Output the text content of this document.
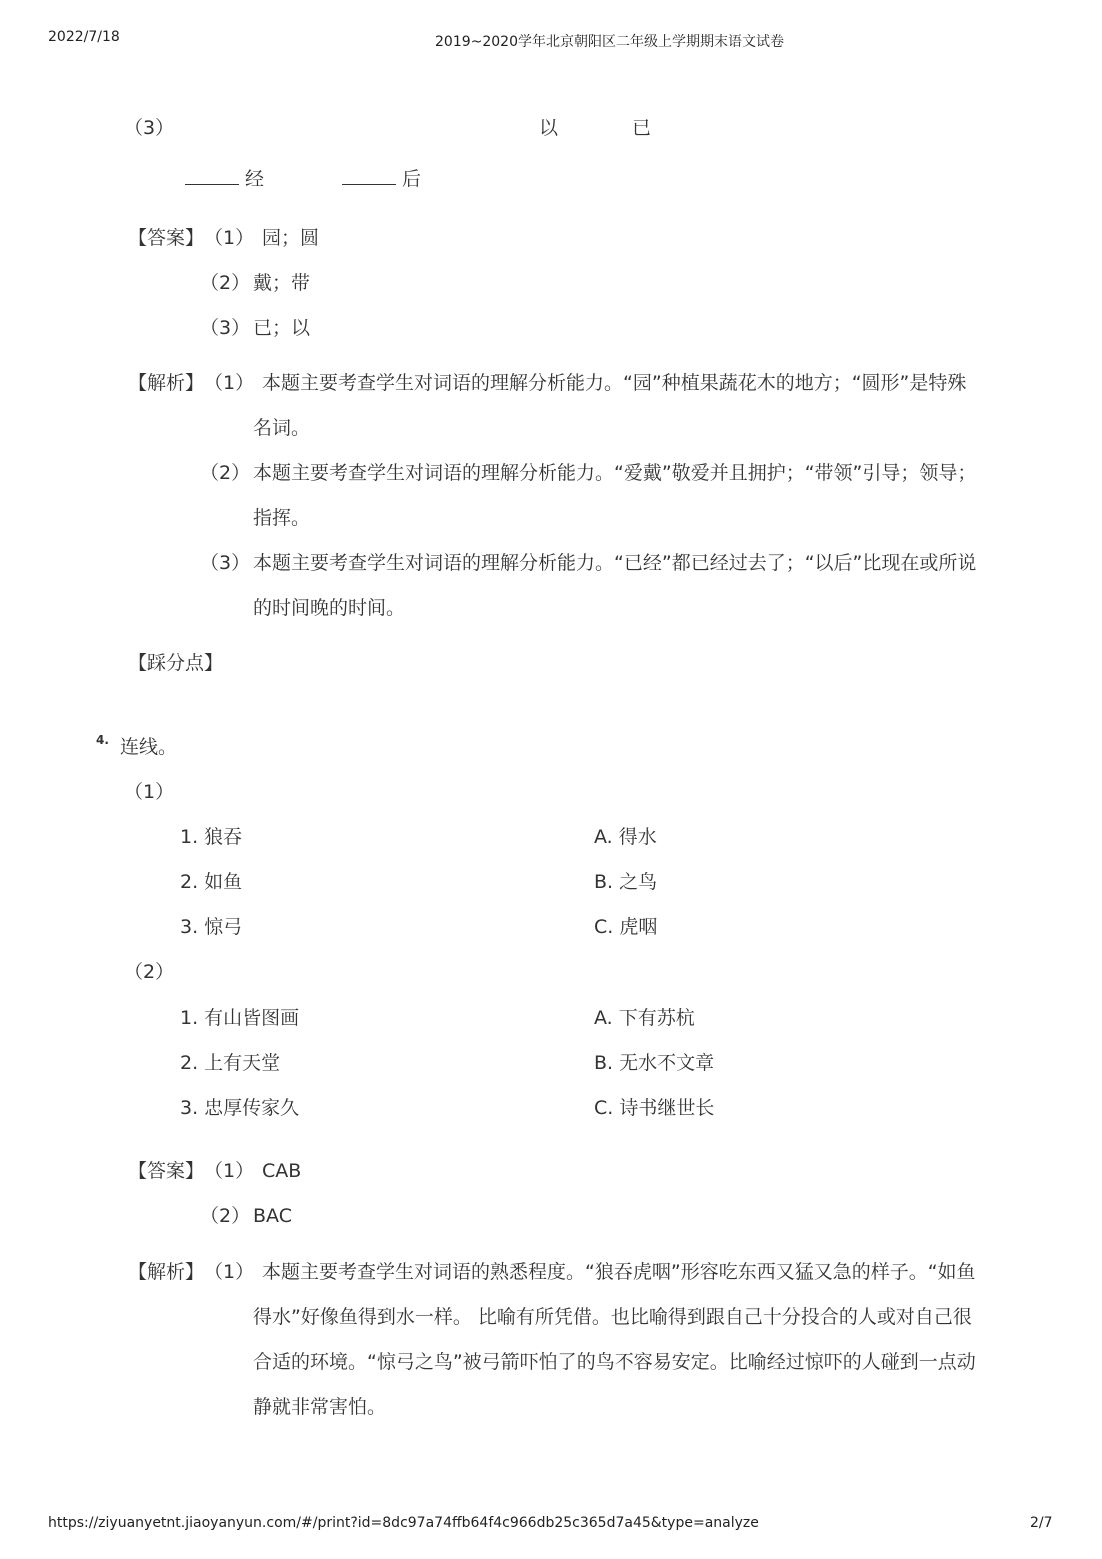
2022/7/18	2019~2020学年北京朝阳区二年级上学期期末语文试卷
（3）	以	已
经	后
【答案】 （1） 园；圆
（2） 戴；带
（3） 已；以
【解析】 （1） 本题主要考查学生对词语的理解分析能力。“园”种植果蔬花木的地方；“圆形”是特殊
名词。
（2） 本题主要考查学生对词语的理解分析能力。“爱戴”敬爱并且拥护；“带领”引导；领导；
指挥。
（3） 本题主要考查学生对词语的理解分析能力。“已经”都已经过去了；“以后”比现在或所说
的时间晚的时间。
【踩分点】
4. 连线。
（1）
1. 狼吞	A. 得水
2. 如鱼	B. 之鸟
3. 惊弓	C. 虎咽
（2）
1. 有山皆图画	A. 下有苏杭
2. 上有天堂	B. 无水不文章
3. 忠厚传家久	C. 诗书继世长
【答案】 （1） CAB
（2） BAC
【解析】 （1） 本题主要考查学生对词语的熟悉程度。“狼吞虎咽”形容吃东西又猛又急的样子。“如鱼
得水”好像鱼得到水一样。 比喻有所凭借。也比喻得到跟自己十分投合的人或对自己很
合适的环境。“惊弓之鸟”被弓箭吓怕了的鸟不容易安定。比喻经过惊吓的人碰到一点动
静就非常害怕。
https://ziyuanyetnt.jiaoyanyun.com/#/print?id=8dc97a74ffb64f4c966db25c365d7a45&type=analyze	2/7
